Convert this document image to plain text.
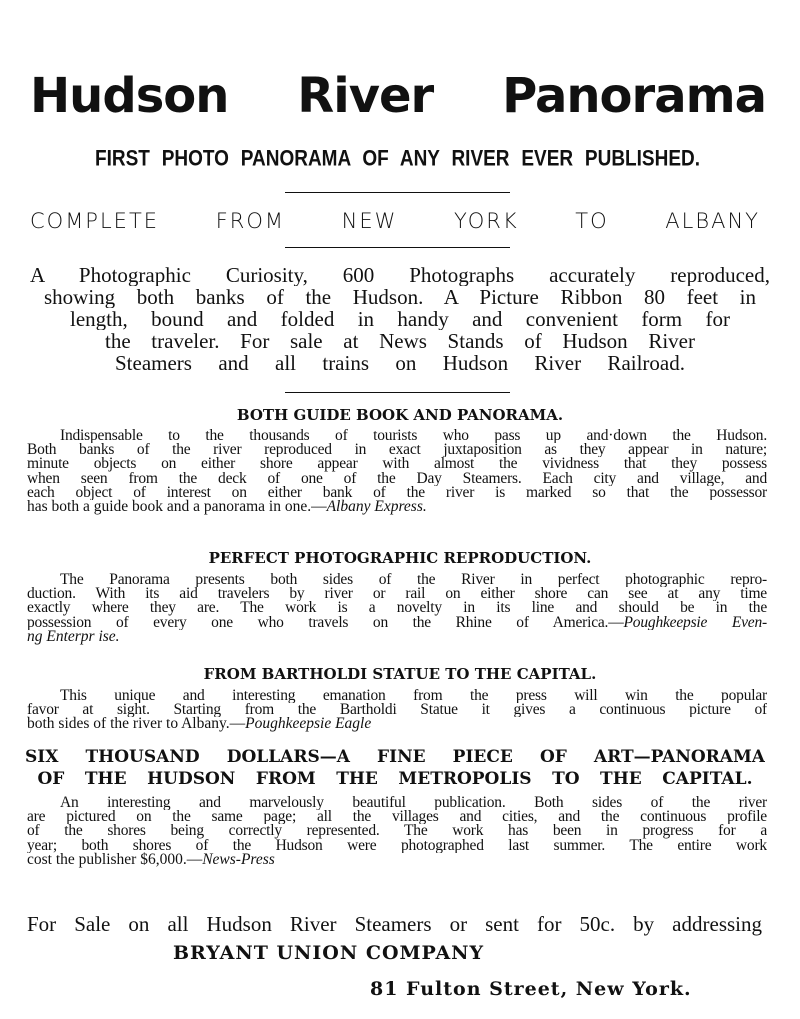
Hudson River Panorama
FIRST PHOTO PANORAMA OF ANY RIVER EVER PUBLISHED.
COMPLETE FROM NEW YORK TO ALBANY
A Photographic Curiosity, 600 Photographs accurately reproduced,
showing both banks of the Hudson. A Picture Ribbon 80 feet in
length, bound and folded in handy and convenient form for
the traveler. For sale at News Stands of Hudson River
Steamers and all trains on Hudson River Railroad.
BOTH GUIDE BOOK AND PANORAMA.
Indispensable to the thousands of tourists who pass up and·down the Hudson.
Both banks of the river reproduced in exact juxtaposition as they appear in nature;
minute objects on either shore appear with almost the vividness that they possess
when seen from the deck of one of the Day Steamers. Each city and village, and
each object of interest on either bank of the river is marked so that the possessor
has both a guide book and a panorama in one.—Albany Express.
PERFECT PHOTOGRAPHIC REPRODUCTION.
The Panorama presents both sides of the River in perfect photographic repro-
duction. With its aid travelers by river or rail on either shore can see at any time
exactly where they are. The work is a novelty in its line and should be in the
possession of every one who travels on the Rhine of America.—Poughkeepsie Even-
ng Enterpr ise.
FROM BARTHOLDI STATUE TO THE CAPITAL.
This unique and interesting emanation from the press will win the popular
favor at sight. Starting from the Bartholdi Statue it gives a continuous picture of
both sides of the river to Albany.—Poughkeepsie Eagle
SIX THOUSAND DOLLARS—A FINE PIECE OF ART—PANORAMA
OF THE HUDSON FROM THE METROPOLIS TO THE CAPITAL.
An interesting and marvelously beautiful publication. Both sides of the river
are pictured on the same page; all the villages and cities, and the continuous profile
of the shores being correctly represented. The work has been in progress for a
year; both shores of the Hudson were photographed last summer. The entire work
cost the publisher $6,000.—News-Press
For Sale on all Hudson River Steamers or sent for 50c. by addressing
BRYANT UNION COMPANY
81 Fulton Street, New York.
